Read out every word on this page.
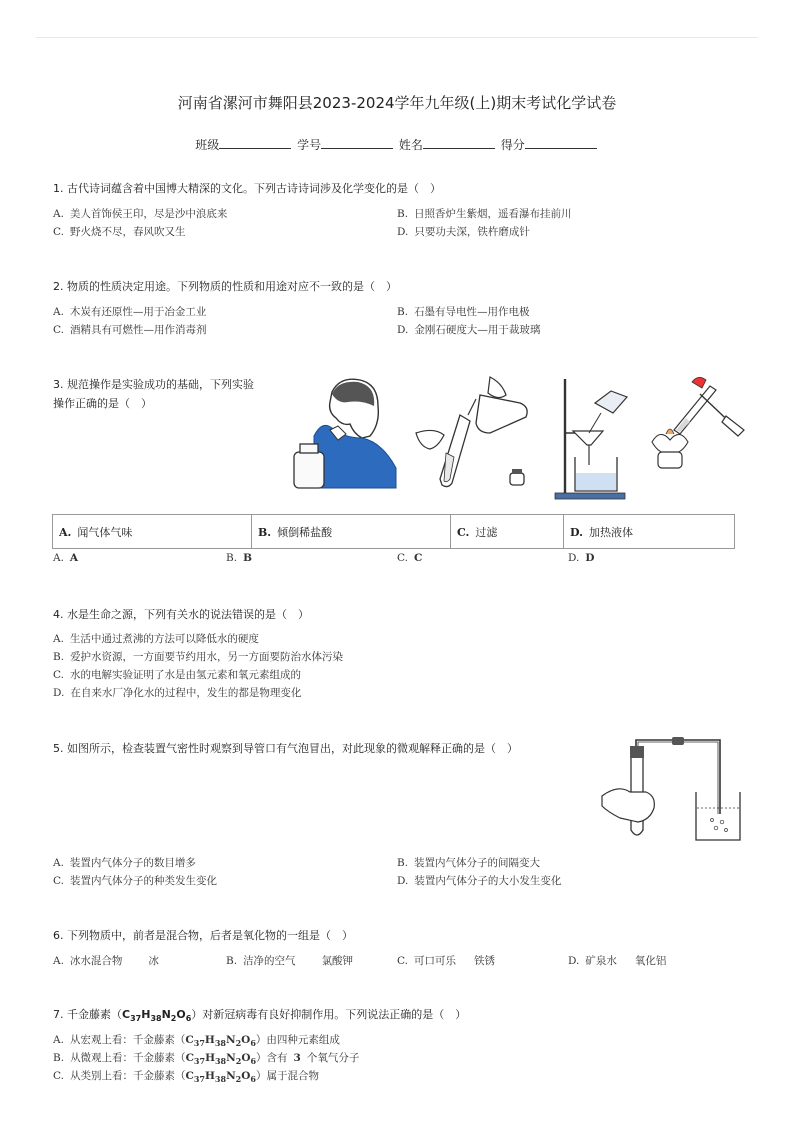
河南省漯河市舞阳县2023-2024学年九年级(上)期末考试化学试卷
班级	学号	姓名	得分
1. 古代诗词蕴含着中国博大精深的文化。下列古诗诗词涉及化学变化的是（　）
A. 美人首饰侯王印，尽是沙中浪底来	B. 日照香炉生紫烟，遥看瀑布挂前川
C. 野火烧不尽，春风吹又生	D. 只要功夫深，铁杵磨成针
2. 物质的性质决定用途。下列物质的性质和用途对应不一致的是（　）
A. 木炭有还原性—用于冶金工业	B. 石墨有导电性—用作电极
C. 酒精具有可燃性—用作消毒剂	D. 金刚石硬度大—用于裁玻璃
3. 规范操作是实验成功的基础，下列实验
操作正确的是（　）
A. 闻气体气味	B. 倾倒稀盐酸	C. 过滤	D. 加热液体
A. A	B. B	C. C	D. D
4. 水是生命之源，下列有关水的说法错误的是（　）
A. 生活中通过煮沸的方法可以降低水的硬度
B. 爱护水资源，一方面要节约用水，另一方面要防治水体污染
C. 水的电解实验证明了水是由氢元素和氧元素组成的
D. 在自来水厂净化水的过程中，发生的都是物理变化
5. 如图所示，检查装置气密性时观察到导管口有气泡冒出，对此现象的微观解释正确的是（　）
A. 装置内气体分子的数目增多	B. 装置内气体分子的间隔变大
C. 装置内气体分子的种类发生变化	D. 装置内气体分子的大小发生变化
6. 下列物质中，前者是混合物，后者是氧化物的一组是（　）
A. 冰水混合物 冰	B. 洁净的空气 氯酸钾	C. 可口可乐 铁锈	D. 矿泉水 氧化铝
7. 千金藤素$(C_{37}H_{38}N_2O_6)$对新冠病毒有良好抑制作用。下列说法正确的是（　）
A. 从宏观上看：千金藤素$(C_{37}H_{38}N_2O_6)$由四种元素组成
B. 从微观上看：千金藤素$(C_{37}H_{38}N_2O_6)$含有 3 个氧气分子
C. 从类别上看：千金藤素$(C_{37}H_{38}N_2O_6)$属于混合物
